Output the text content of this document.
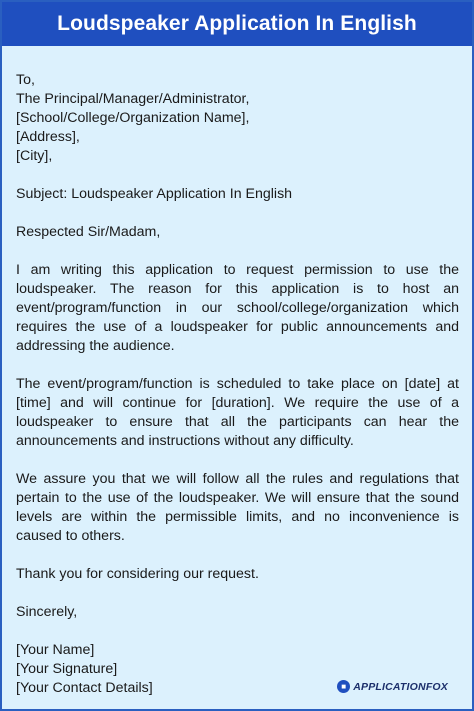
Loudspeaker Application In English
To,
The Principal/Manager/Administrator,
[School/College/Organization Name],
[Address],
[City],
Subject: Loudspeaker Application In English
Respected Sir/Madam,
I am writing this application to request permission to use the loudspeaker. The reason for this application is to host an event/program/function in our school/college/organization which requires the use of a loudspeaker for public announcements and addressing the audience.
The event/program/function is scheduled to take place on [date] at [time] and will continue for [duration]. We require the use of a loudspeaker to ensure that all the participants can hear the announcements and instructions without any difficulty.
We assure you that we will follow all the rules and regulations that pertain to the use of the loudspeaker. We will ensure that the sound levels are within the permissible limits, and no inconvenience is caused to others.
Thank you for considering our request.
Sincerely,
[Your Name]
[Your Signature]
[Your Contact Details]	■ APPLICATION FOX
